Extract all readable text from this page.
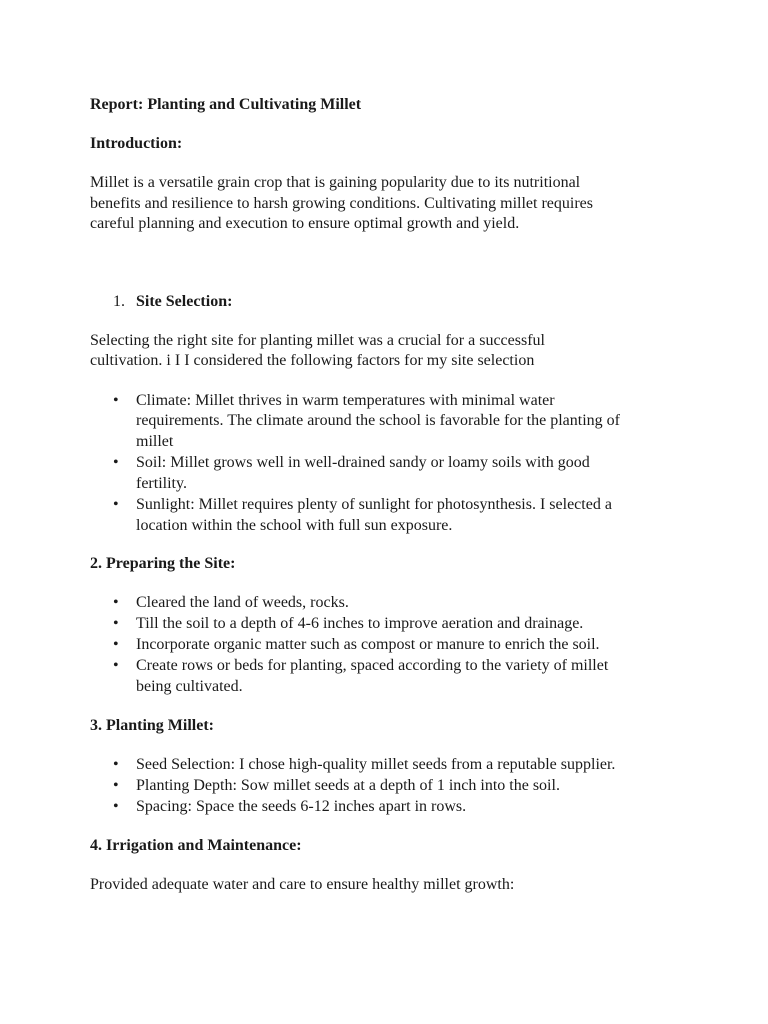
Report: Planting and Cultivating Millet

Introduction:

Millet is a versatile grain crop that is gaining popularity due to its nutritional

benefits and resilience to harsh growing conditions. Cultivating millet requires

careful planning and execution to ensure optimal growth and yield.

1. Site Selection:

Selecting the right site for planting millet was a crucial for a successful

cultivation. i I I considered the following factors for my site selection

• Climate: Millet thrives in warm temperatures with minimal water

requirements. The climate around the school is favorable for the planting of

millet

• Soil: Millet grows well in well-drained sandy or loamy soils with good

fertility.

• Sunlight: Millet requires plenty of sunlight for photosynthesis. I selected a

location within the school with full sun exposure.

2. Preparing the Site:

• Cleared the land of weeds, rocks.

• Till the soil to a depth of 4-6 inches to improve aeration and drainage.

• Incorporate organic matter such as compost or manure to enrich the soil.

• Create rows or beds for planting, spaced according to the variety of millet

being cultivated.

3. Planting Millet:

• Seed Selection: I chose high-quality millet seeds from a reputable supplier.

• Planting Depth: Sow millet seeds at a depth of 1 inch into the soil.

• Spacing: Space the seeds 6-12 inches apart in rows.

4. Irrigation and Maintenance:

Provided adequate water and care to ensure healthy millet growth:
